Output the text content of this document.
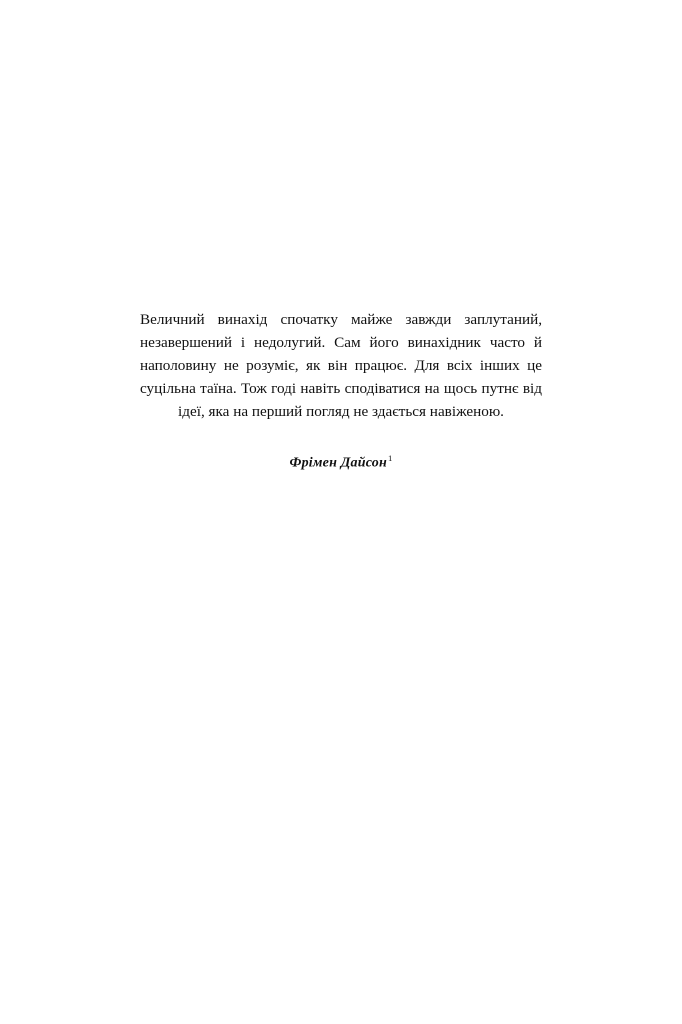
Величний винахід спочатку майже завжди заплутаний, незавершений і недолугий. Сам його винахідник часто й наполовину не розуміє, як він працює. Для всіх інших це суцільна таїна. Тож годі навіть сподіватися на щось путнє від ідеї, яка на перший погляд не здається навіженою.

Фрімен Дайсон$^1$
